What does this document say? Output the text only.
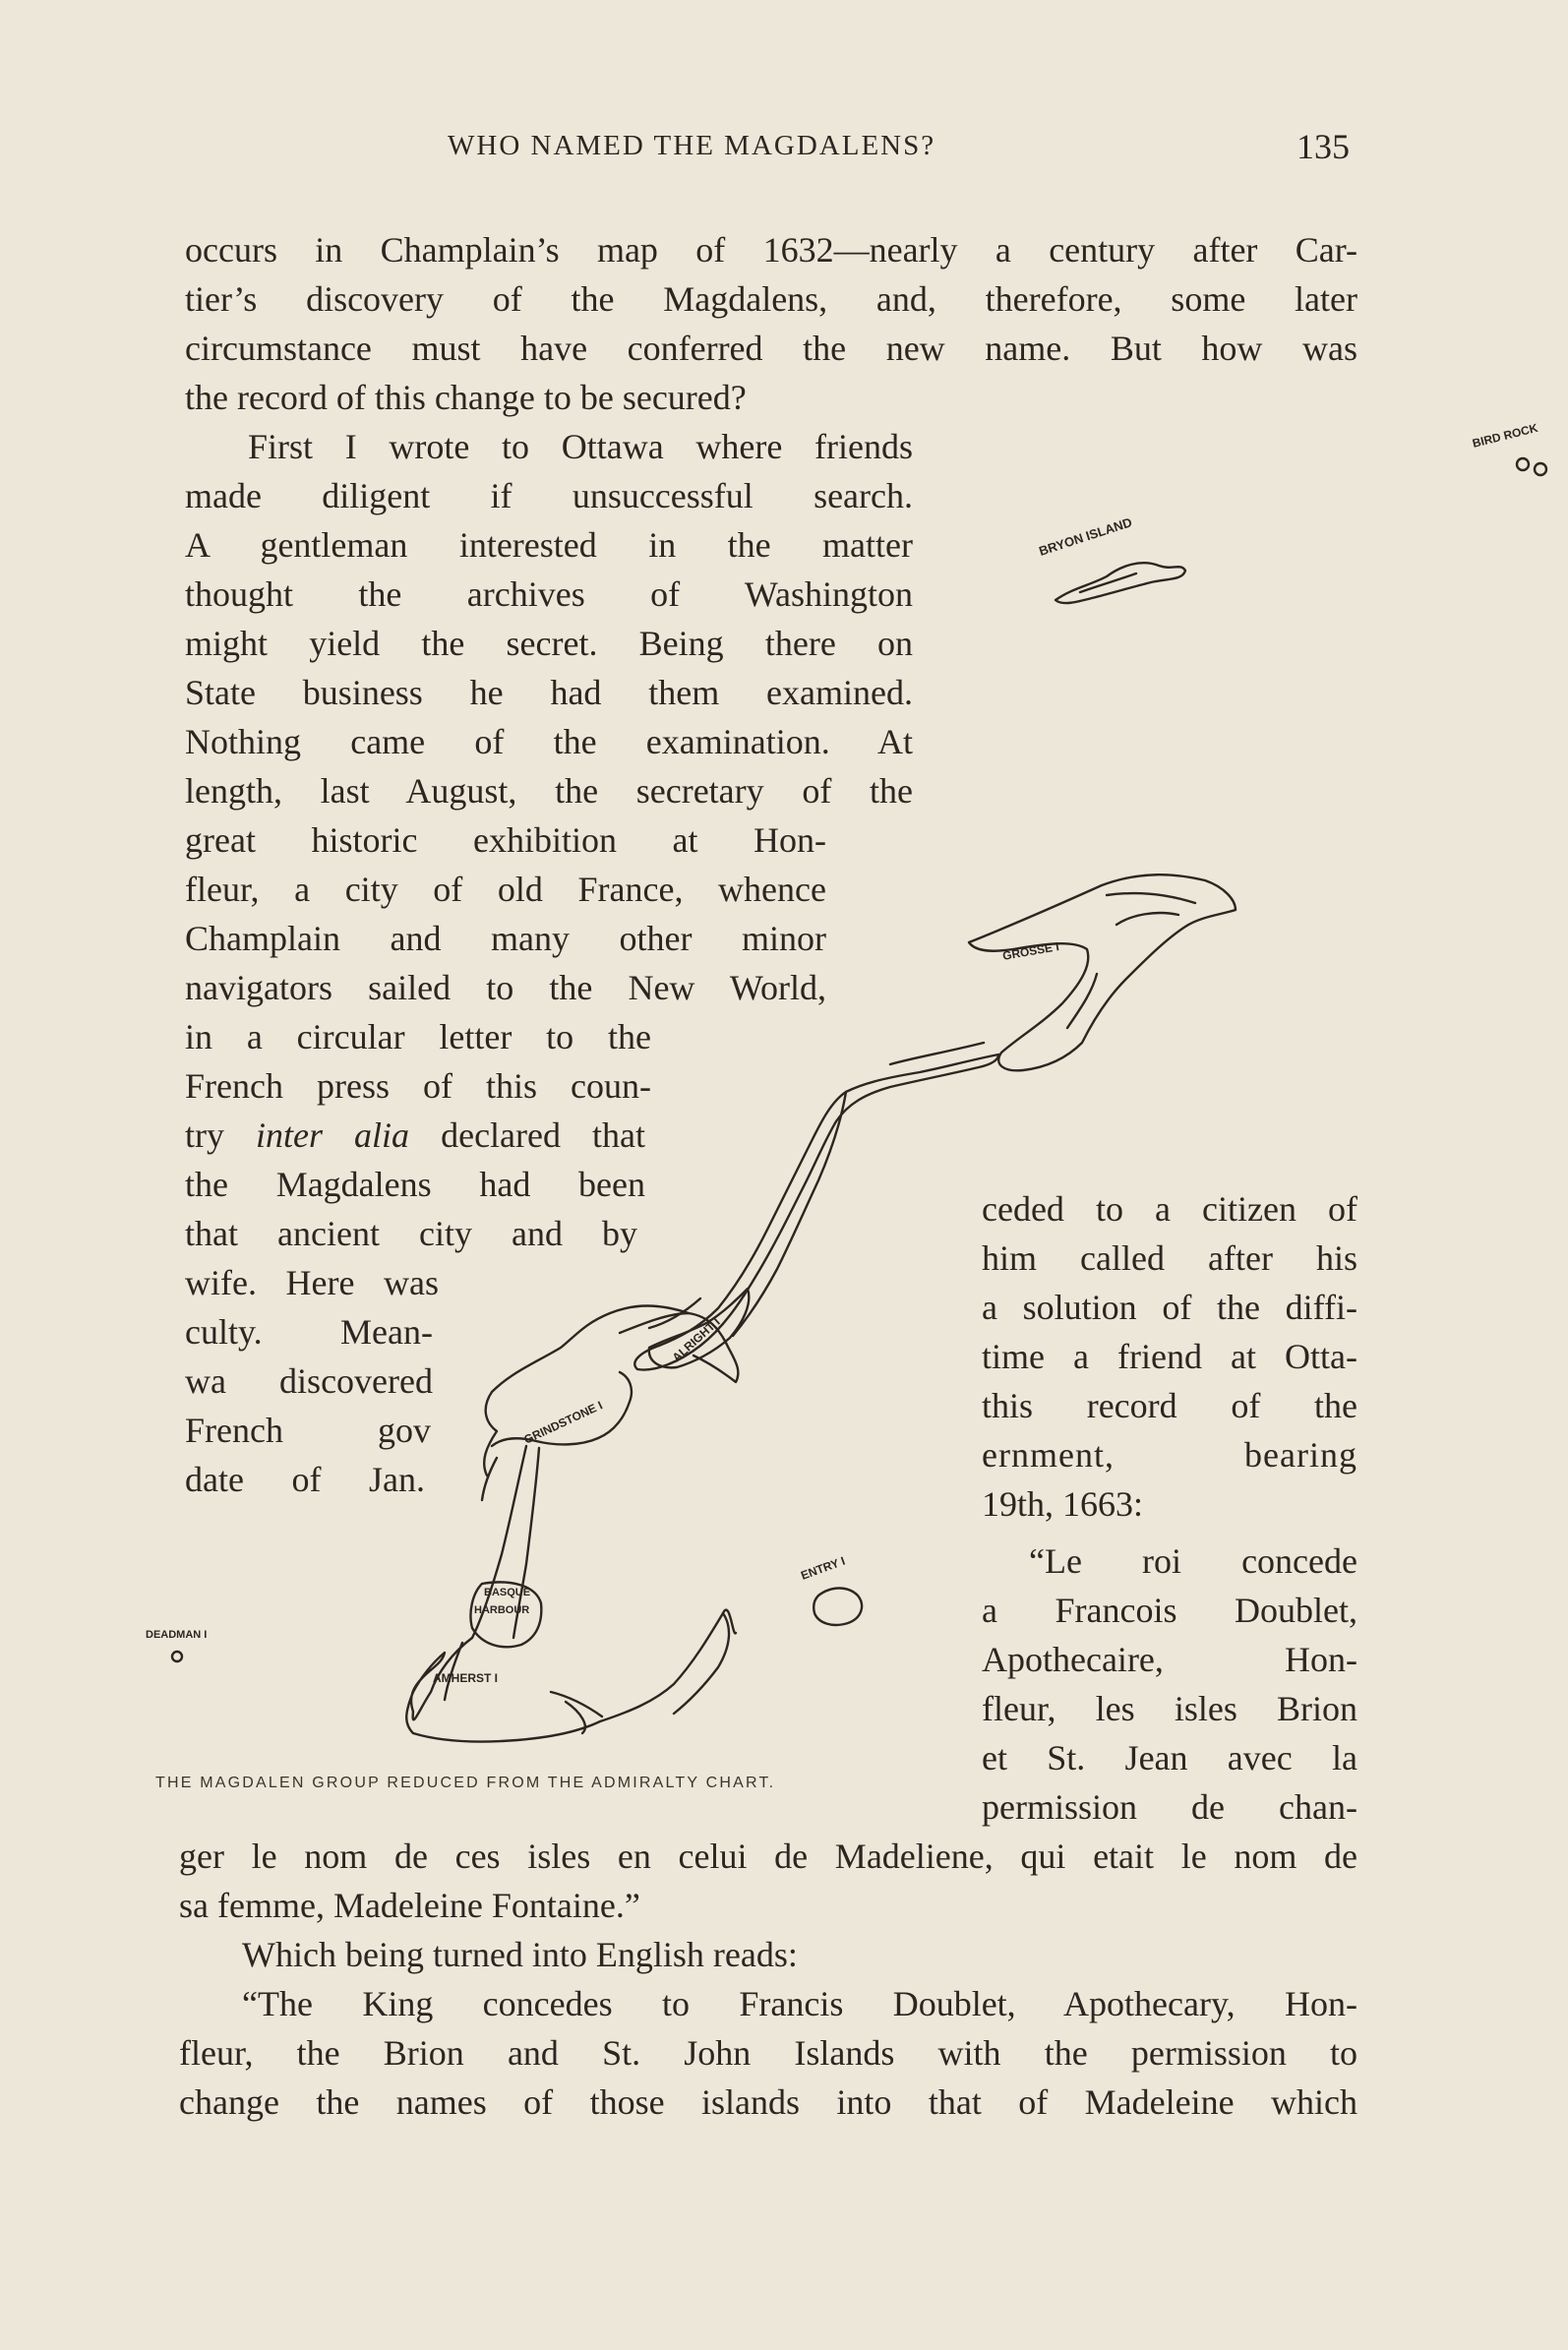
WHO NAMED THE MAGDALENS?	135
BIRD ROCK
BRYON ISLAND
ALRIGHT I
GRINDSTONE I
BASQUE
HARBOUR
AMHERST I
GROSSE I
ENTRY I
DEADMAN I
THE MAGDALEN GROUP REDUCED FROM THE ADMIRALTY CHART.
occurs in Champlain’s map of 1632—nearly a century after Car-
tier’s discovery of the Magdalens, and, therefore, some later
circumstance must have conferred the new name. But how was
the record of this change to be secured?
First I wrote to Ottawa where friends
made diligent if unsuccessful search.
A gentleman interested in the matter
thought the archives of Washington
might yield the secret. Being there on
State business he had them examined.
Nothing came of the examination. At
length, last August, the secretary of the
great historic exhibition at Hon-
fleur, a city of old France, whence
Champlain and many other minor
navigators sailed to the New World,
in a circular letter to the
French press of this coun-
try inter alia declared that
the Magdalens had been
that ancient city and by
wife. Here was
culty. Mean-
wa discovered
French gov
date of Jan.
ceded to a citizen of
him called after his
a solution of the diffi-
time a friend at Otta-
this record of the
ernment, bearing
19th, 1663:
“Le roi concede
a Francois Doublet,
Apothecaire, Hon-
fleur, les isles Brion
et St. Jean avec la
permission de chan-
ger le nom de ces isles en celui de Madeliene, qui etait le nom de
sa femme, Madeleine Fontaine.”
Which being turned into English reads:
“The King concedes to Francis Doublet, Apothecary, Hon-
fleur, the Brion and St. John Islands with the permission to
change the names of those islands into that of Madeleine which
